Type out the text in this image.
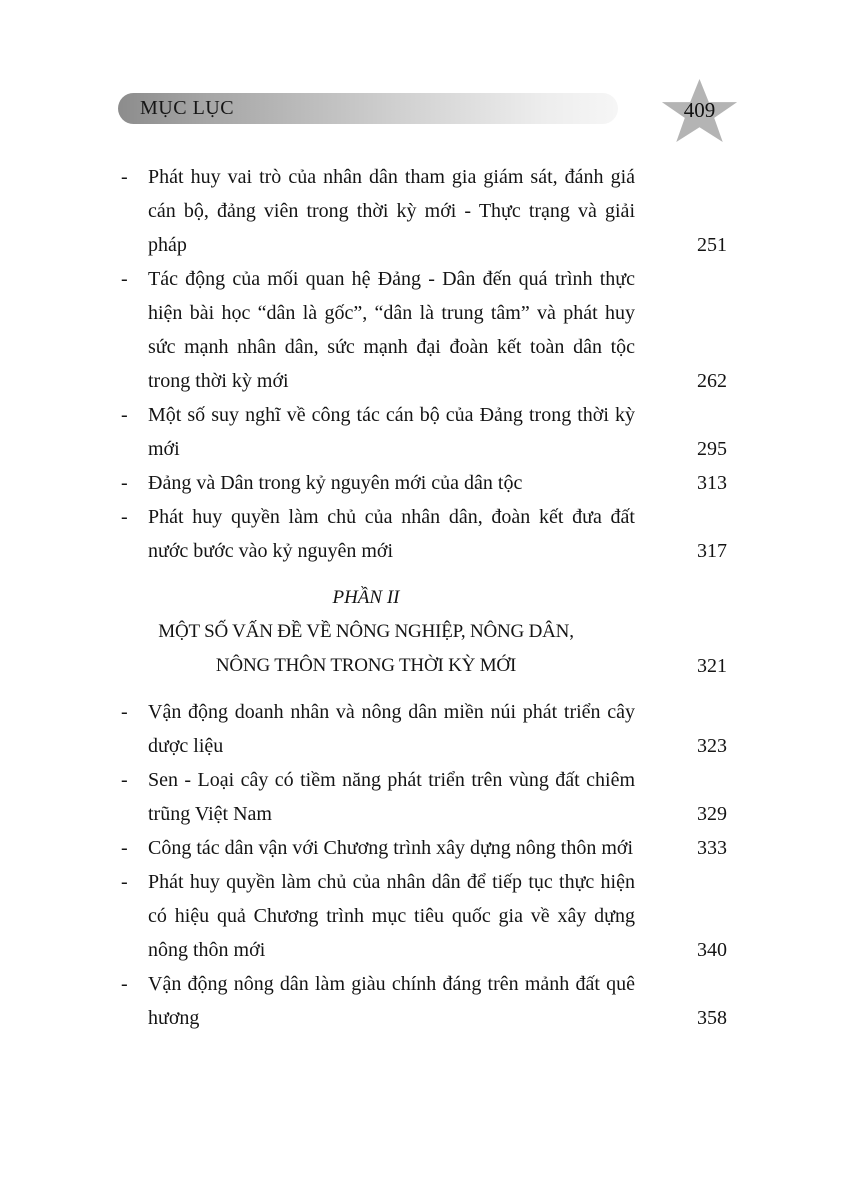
MỤC LỤC	409
-	Phát huy vai trò của nhân dân tham gia giám sát, đánh giá cán bộ, đảng viên trong thời kỳ mới - Thực trạng và giải pháp	251
-	Tác động của mối quan hệ Đảng - Dân đến quá trình thực hiện bài học “dân là gốc”, “dân là trung tâm” và phát huy sức mạnh nhân dân, sức mạnh đại đoàn kết toàn dân tộc trong thời kỳ mới	262
-	Một số suy nghĩ về công tác cán bộ của Đảng trong thời kỳ mới	295
-	Đảng và Dân trong kỷ nguyên mới của dân tộc	313
-	Phát huy quyền làm chủ của nhân dân, đoàn kết đưa đất nước bước vào kỷ nguyên mới	317
PHẦN II
MỘT SỐ VẤN ĐỀ VỀ NÔNG NGHIỆP, NÔNG DÂN,
NÔNG THÔN TRONG THỜI KỲ MỚI	321
-	Vận động doanh nhân và nông dân miền núi phát triển cây dược liệu	323
-	Sen - Loại cây có tiềm năng phát triển trên vùng đất chiêm trũng Việt Nam	329
-	Công tác dân vận với Chương trình xây dựng nông thôn mới	333
-	Phát huy quyền làm chủ của nhân dân để tiếp tục thực hiện có hiệu quả Chương trình mục tiêu quốc gia về xây dựng nông thôn mới	340
-	Vận động nông dân làm giàu chính đáng trên mảnh đất quê hương	358
